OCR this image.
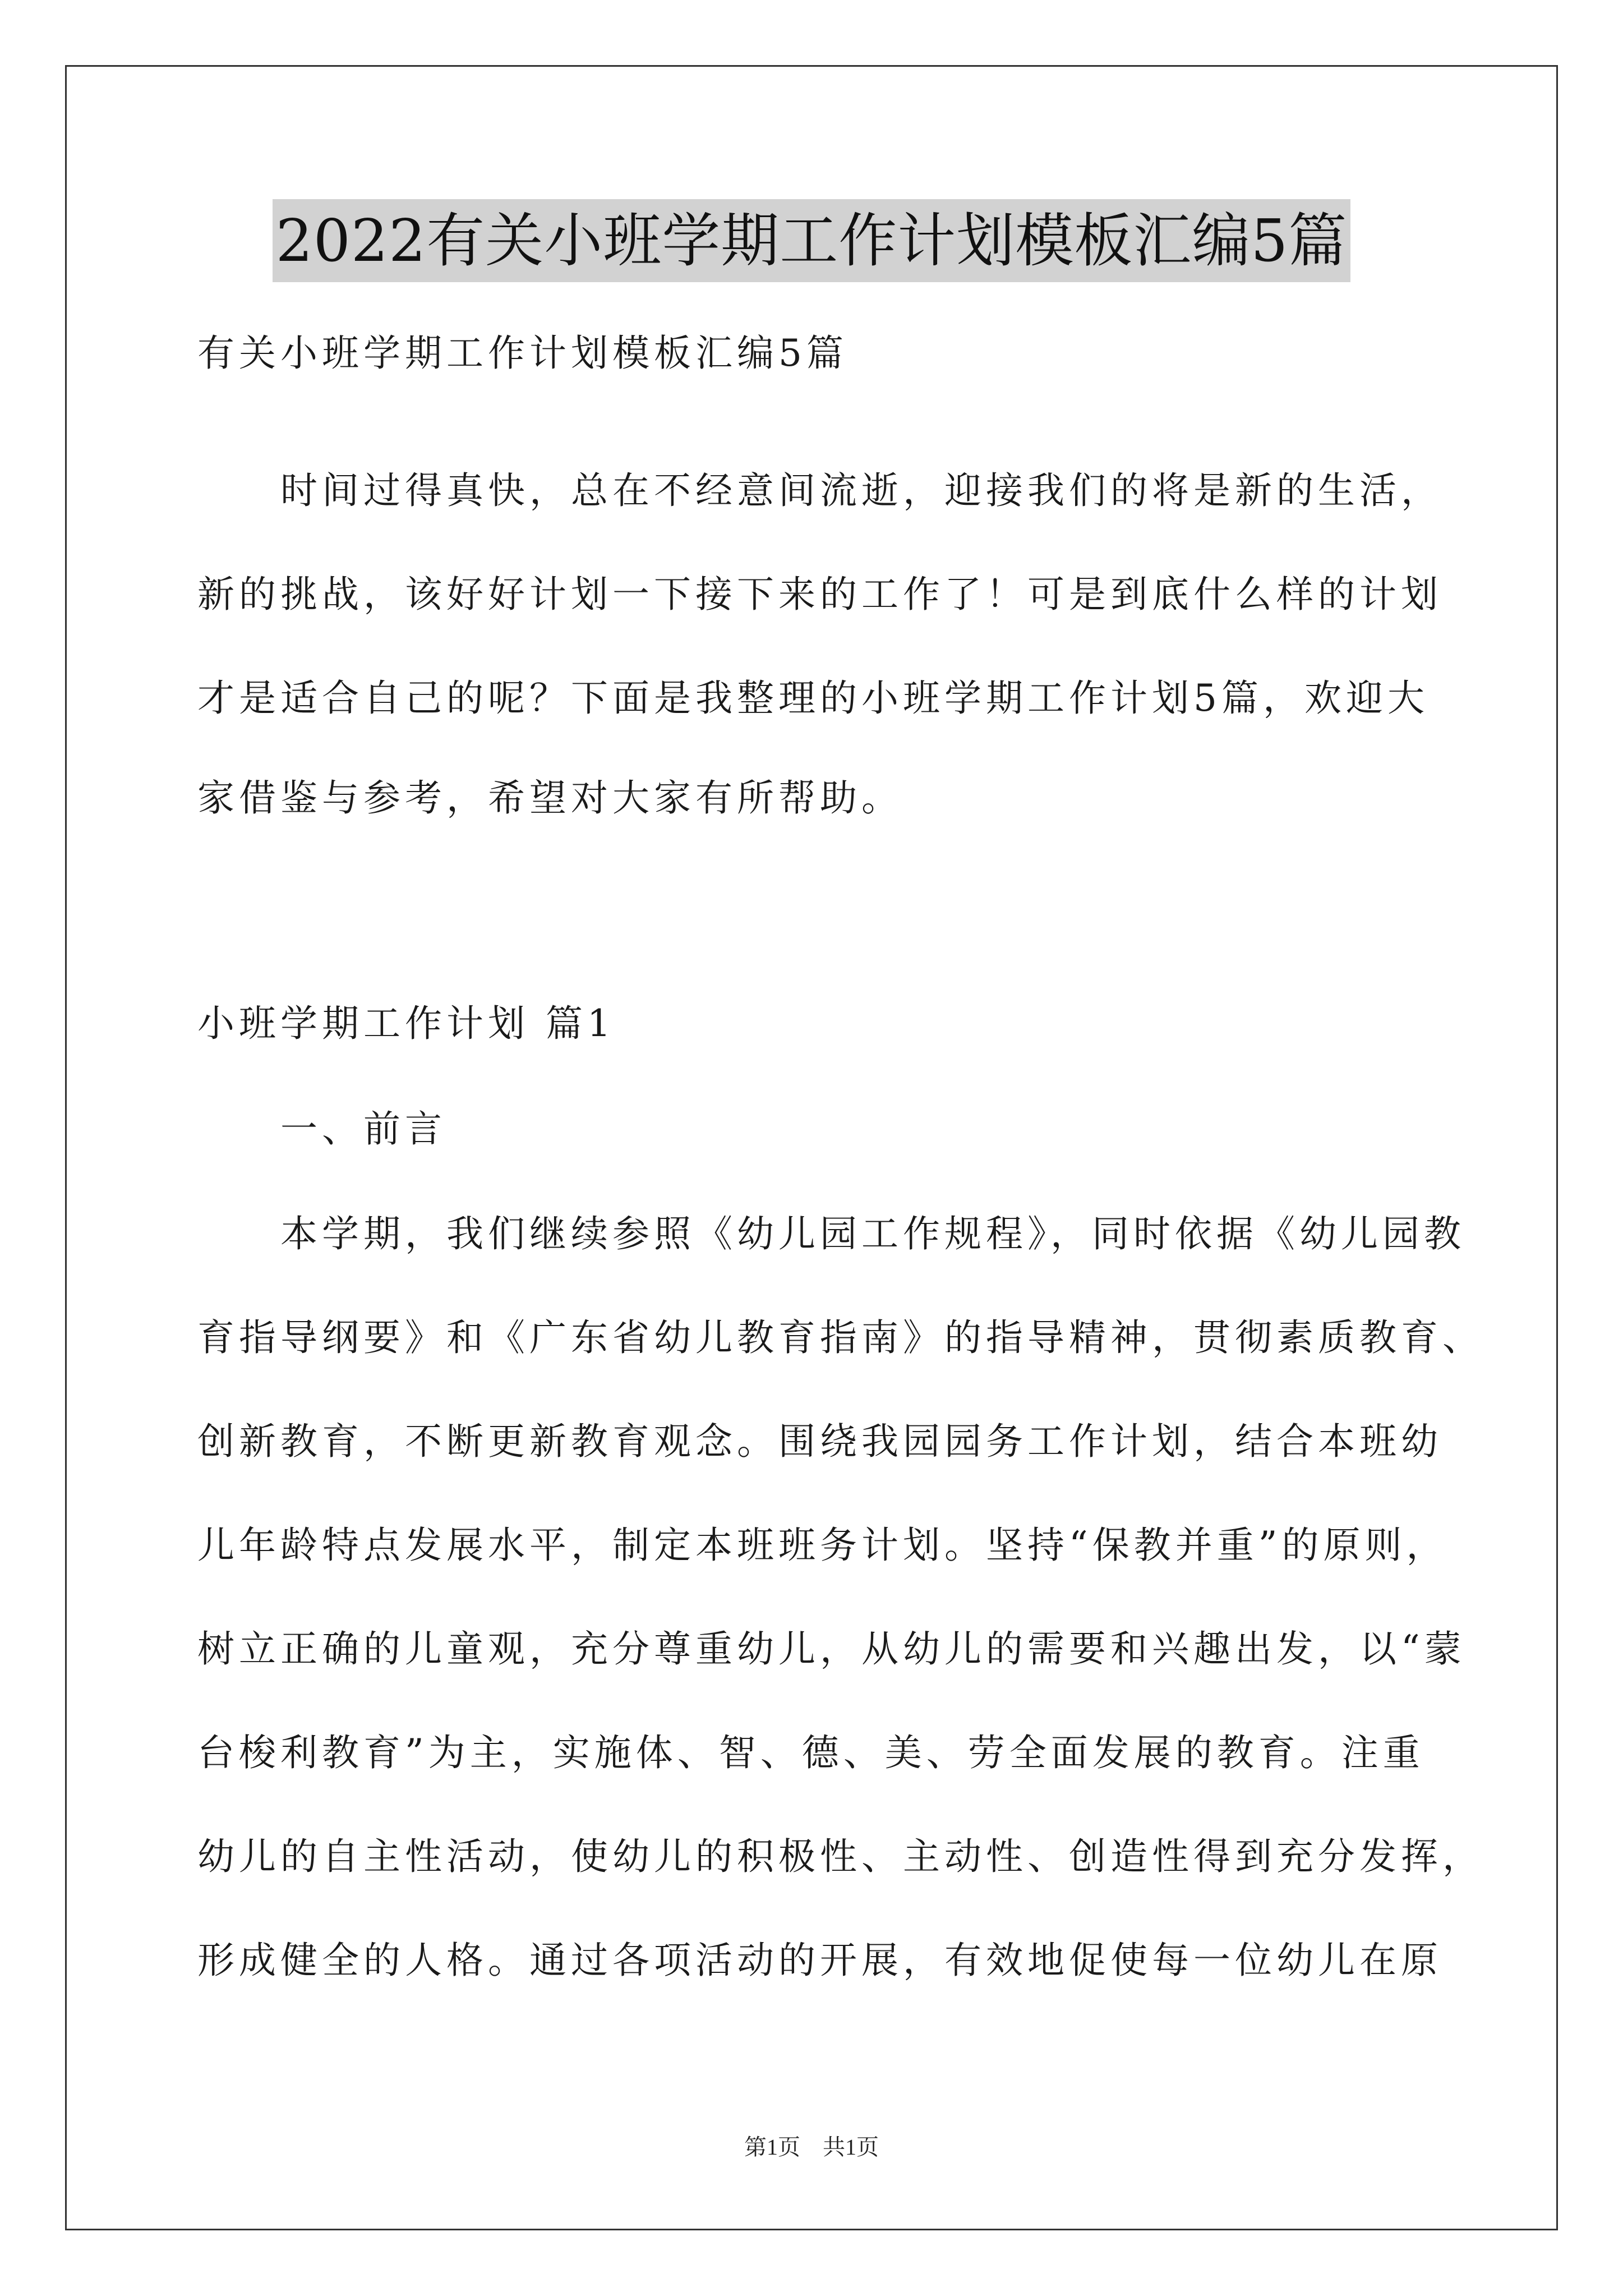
2022有关小班学期工作计划模板汇编5篇
有关小班学期工作计划模板汇编5篇
时间过得真快，总在不经意间流逝，迎接我们的将是新的生活，
新的挑战，该好好计划一下接下来的工作了！可是到底什么样的计划
才是适合自己的呢？下面是我整理的小班学期工作计划5篇，欢迎大
家借鉴与参考，希望对大家有所帮助。
小班学期工作计划 篇1
一、前言
本学期，我们继续参照《幼儿园工作规程》，同时依据《幼儿园教
育指导纲要》和《广东省幼儿教育指南》的指导精神，贯彻素质教育、
创新教育，不断更新教育观念。围绕我园园务工作计划，结合本班幼
儿年龄特点发展水平，制定本班班务计划。坚持“保教并重”的原则，
树立正确的儿童观，充分尊重幼儿，从幼儿的需要和兴趣出发，以“蒙
台梭利教育”为主，实施体、智、德、美、劳全面发展的教育。注重
幼儿的自主性活动，使幼儿的积极性、主动性、创造性得到充分发挥，
形成健全的人格。通过各项活动的开展，有效地促使每一位幼儿在原
第1页 共1页
